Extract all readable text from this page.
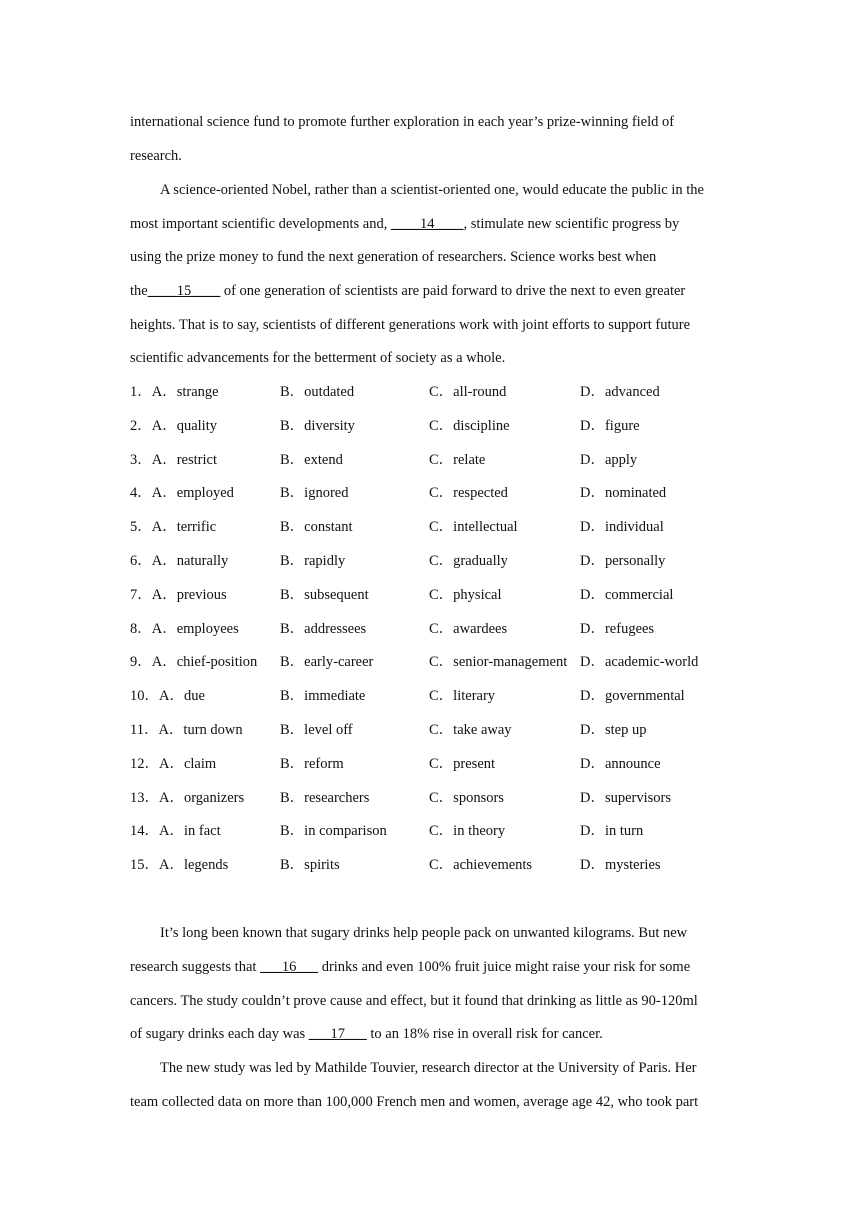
international science fund to promote further exploration in each year’s prize-winning field of
research.
A science-oriented Nobel, rather than a scientist-oriented one, would educate the public in the
most important scientific developments and, ____14____, stimulate new scientific progress by
using the prize money to fund the next generation of researchers. Science works best when
the____15____ of one generation of scientists are paid forward to drive the next to even greater
heights. That is to say, scientists of different generations work with joint efforts to support future
scientific advancements for the betterment of society as a whole.
1．A．strange	B．outdated	C．all-round	D．advanced
2．A．quality	B．diversity	C．discipline	D．figure
3．A．restrict	B．extend	C．relate	D．apply
4．A．employed	B．ignored	C．respected	D．nominated
5．A．terrific	B．constant	C．intellectual	D．individual
6．A．naturally	B．rapidly	C．gradually	D．personally
7．A．previous	B．subsequent	C．physical	D．commercial
8．A．employees	B．addressees	C．awardees	D．refugees
9．A．chief-position B．early-career	C．senior-management D．academic-world
10．A．due	B．immediate	C．literary	D．governmental
11．A．turn down	B．level off	C．take away	D．step up
12．A．claim	B．reform	C．present	D．announce
13．A．organizers B．researchers	C．sponsors	D．supervisors
14．A．in fact	B．in comparison	C．in theory	D．in turn
15．A．legends	B．spirits	C．achievements	D．mysteries
It’s long been known that sugary drinks help people pack on unwanted kilograms. But new
research suggests that ___16___ drinks and even 100% fruit juice might raise your risk for some
cancers. The study couldn’t prove cause and effect, but it found that drinking as little as 90-120ml
of sugary drinks each day was ___17___ to an 18% rise in overall risk for cancer.
The new study was led by Mathilde Touvier, research director at the University of Paris. Her
team collected data on more than 100,000 French men and women, average age 42, who took part
